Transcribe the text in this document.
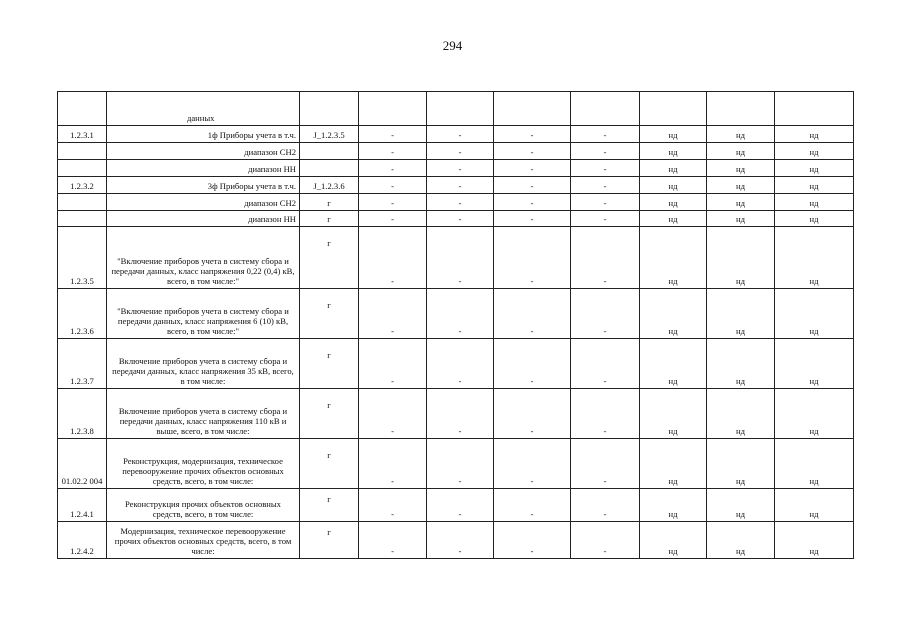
294
	данных								
1.2.3.1	1ф Приборы учета в т.ч.	J_1.2.3.5	-	-	-	-	нд	нд	нд
	диапазон СН2		-	-	-	-	нд	нд	нд
	диапазон НН		-	-	-	-	нд	нд	нд
1.2.3.2	3ф Приборы учета в т.ч.	J_1.2.3.6	-	-	-	-	нд	нд	нд
	диапазон СН2	г	-	-	-	-	нд	нд	нд
	диапазон НН	г	-	-	-	-	нд	нд	нд
1.2.3.5	"Включение приборов учета в систему сбора и передачи данных, класс напряжения 0,22 (0,4) кВ, всего, в том числе:"	г	-	-	-	-	нд	нд	нд
1.2.3.6	"Включение приборов учета в систему сбора и передачи данных, класс напряжения 6 (10) кВ, всего, в том числе:"	г	-	-	-	-	нд	нд	нд
1.2.3.7	Включение приборов учета в систему сбора и передачи данных, класс напряжения 35 кВ, всего, в том числе:	г	-	-	-	-	нд	нд	нд
1.2.3.8	Включение приборов учета в систему сбора и передачи данных, класс напряжения 110 кВ и выше, всего, в том числе:	г	-	-	-	-	нд	нд	нд
01.02.2 004	Реконструкция, модернизация, техническое перевооружение прочих объектов основных средств, всего, в том числе:	г	-	-	-	-	нд	нд	нд
1.2.4.1	Реконструкция прочих объектов основных средств, всего, в том числе:	г	-	-	-	-	нд	нд	нд
1.2.4.2	Модернизация, техническое перевооружение прочих объектов основных средств, всего, в том числе:	г	-	-	-	-	нд	нд	нд
